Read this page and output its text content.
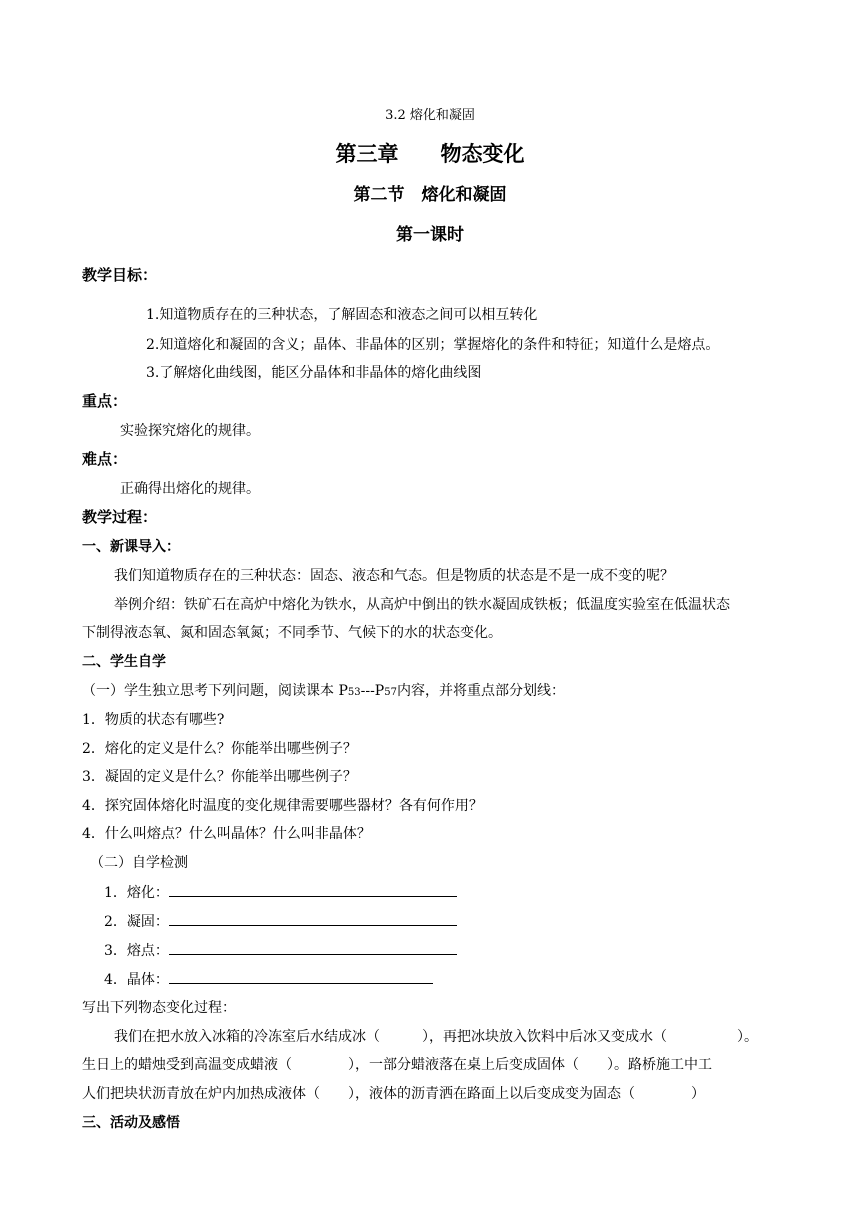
3.2 熔化和凝固
第三章　　物态变化
第二节　熔化和凝固
第一课时
教学目标：
1.知道物质存在的三种状态，了解固态和液态之间可以相互转化
2.知道熔化和凝固的含义；晶体、非晶体的区别；掌握熔化的条件和特征；知道什么是熔点。
3.了解熔化曲线图，能区分晶体和非晶体的熔化曲线图
重点：
实验探究熔化的规律。
难点：
正确得出熔化的规律。
教学过程：
一、新课导入：
我们知道物质存在的三种状态：固态、液态和气态。但是物质的状态是不是一成不变的呢？
举例介绍：铁矿石在高炉中熔化为铁水，从高炉中倒出的铁水凝固成铁板；低温度实验室在低温状态
下制得液态氧、氮和固态氧氮；不同季节、气候下的水的状态变化。
二、学生自学
（一）学生独立思考下列问题，阅读课本 P53---P57内容，并将重点部分划线：
1．物质的状态有哪些?
2．熔化的定义是什么？你能举出哪些例子？
3．凝固的定义是什么？你能举出哪些例子？
4．探究固体熔化时温度的变化规律需要哪些器材？各有何作用？
4．什么叫熔点？什么叫晶体？什么叫非晶体？
（二）自学检测
1．熔化：
2．凝固：
3．熔点：
4．晶体：
写出下列物态变化过程：
我们在把水放入冰箱的冷冻室后水结成冰（　　　），再把冰块放入饮料中后冰又变成水（　　　　　）。
生日上的蜡烛受到高温变成蜡液（　　　　），一部分蜡液落在桌上后变成固体（　　）。路桥施工中工
人们把块状沥青放在炉内加热成液体（　　），液体的沥青洒在路面上以后变成变为固态（　　　　）
三、活动及感悟
